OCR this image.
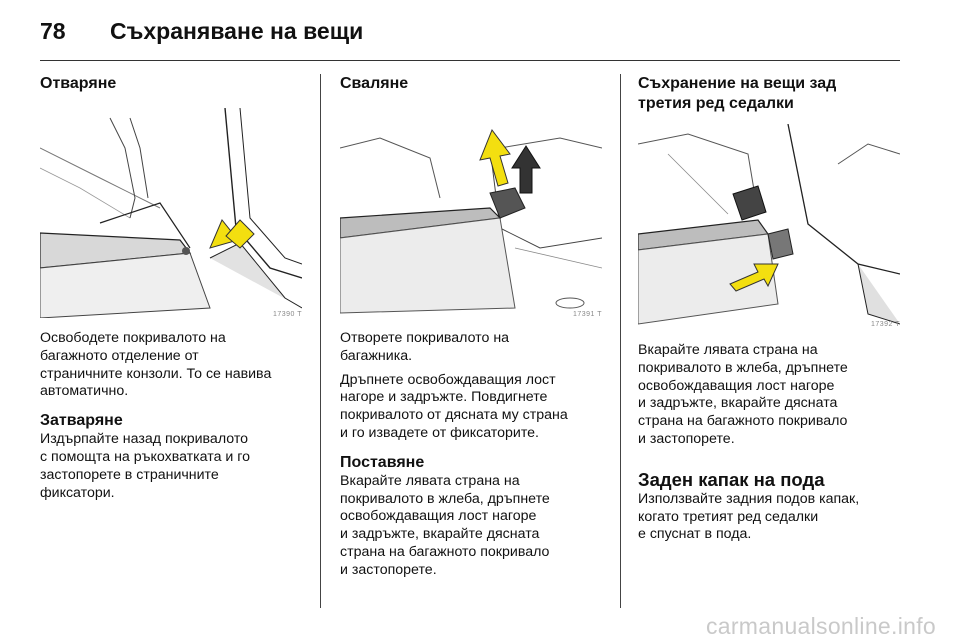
78	Съхраняване на вещи
Отваряне
17390 T

Освободете покривалото на
багажното отделение от
страничните конзоли. То се навива
автоматично.

Затваряне

Издърпайте назад покривалото
с помощта на ръкохватката и го
застопорете в страничните
фиксатори.

Сваляне
17391 T

Отворете покривалото на
багажника.

Дръпнете освобождаващия лост
нагоре и задръжте. Повдигнете
покривалото от дясната му страна
и го извадете от фиксаторите.

Поставяне

Вкарайте лявата страна на
покривалото в жлеба, дръпнете
освобождаващия лост нагоре
и задръжте, вкарайте дясната
страна на багажното покривало
и застопорете.

Съхранение на вещи зад
третия ред седалки
17392 T

Вкарайте лявата страна на
покривалото в жлеба, дръпнете
освобождаващия лост нагоре
и задръжте, вкарайте дясната
страна на багажното покривало
и застопорете.

Заден капак на пода

Използвайте задния подов капак,
когато третият ред седалки
е спуснат в пода.

carmanualsonline.info
